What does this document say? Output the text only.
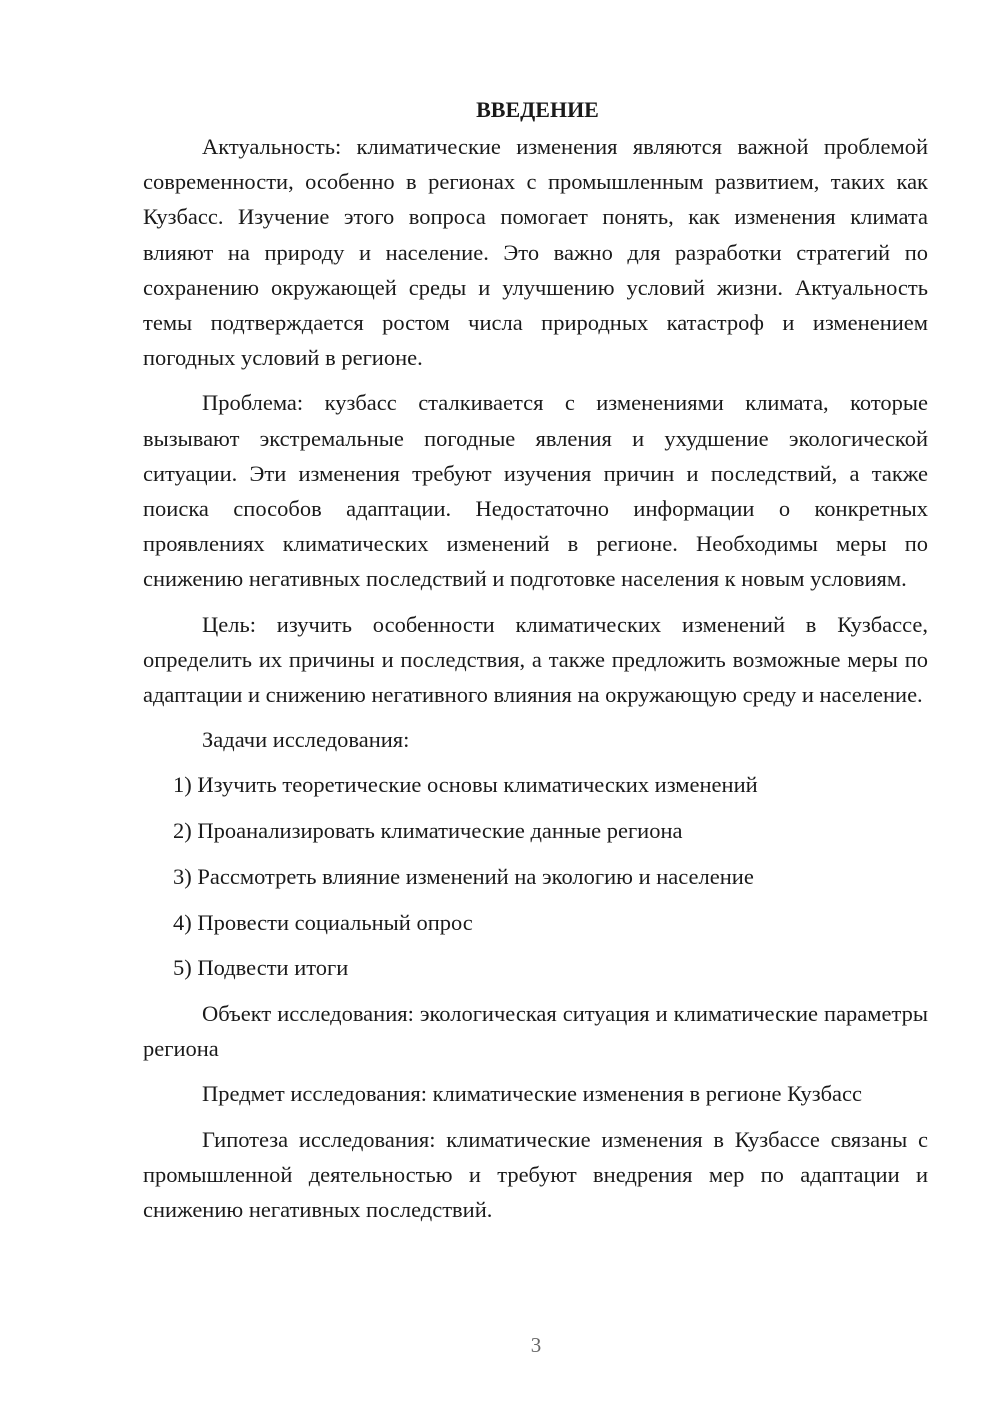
ВВЕДЕНИЕ

Актуальность: климатические изменения являются важной проблемой современности, особенно в регионах с промышленным развитием, таких как Кузбасс. Изучение этого вопроса помогает понять, как изменения климата влияют на природу и население. Это важно для разработки стратегий по сохранению окружающей среды и улучшению условий жизни. Актуальность темы подтверждается ростом числа природных катастроф и изменением погодных условий в регионе.

Проблема: кузбасс сталкивается с изменениями климата, которые вызывают экстремальные погодные явления и ухудшение экологической ситуации. Эти изменения требуют изучения причин и последствий, а также поиска способов адаптации. Недостаточно информации о конкретных проявлениях климатических изменений в регионе. Необходимы меры по снижению негативных последствий и подготовке населения к новым условиям.

Цель: изучить особенности климатических изменений в Кузбассе, определить их причины и последствия, а также предложить возможные меры по адаптации и снижению негативного влияния на окружающую среду и население.

Задачи исследования:

1) Изучить теоретические основы климатических изменений
2) Проанализировать климатические данные региона
3) Рассмотреть влияние изменений на экологию и население
4) Провести социальный опрос
5) Подвести итоги

Объект исследования: экологическая ситуация и климатические параметры региона

Предмет исследования: климатические изменения в регионе Кузбасс

Гипотеза исследования: климатические изменения в Кузбассе связаны с промышленной деятельностью и требуют внедрения мер по адаптации и снижению негативных последствий.

3
